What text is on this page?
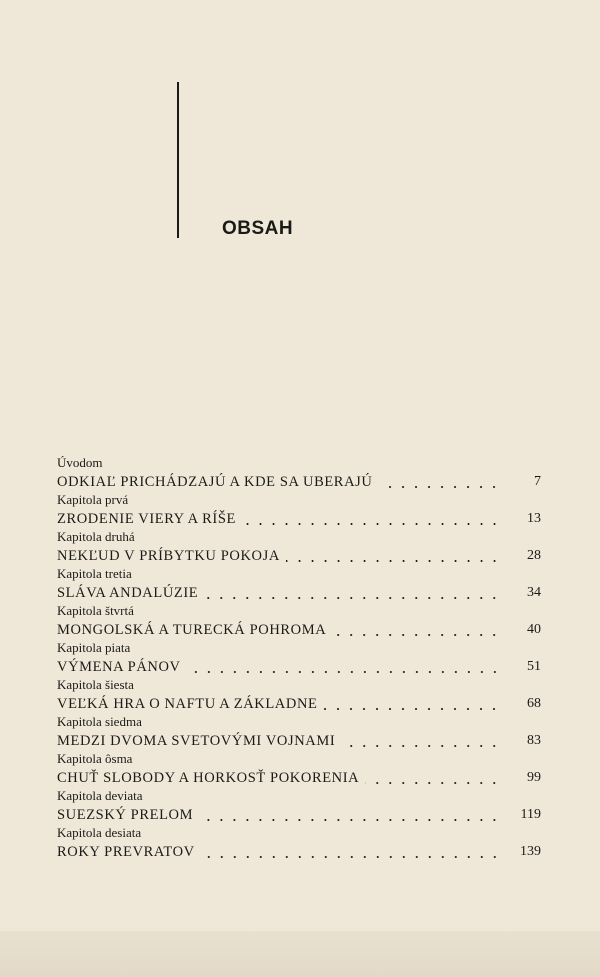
OBSAH
Úvodom
ODKIAĽ PRICHÁDZAJÚ A KDE SA UBERAJÚ	7
Kapitola prvá
ZRODENIE VIERY A RÍŠE	13
Kapitola druhá
NEKĽUD V PRÍBYTKU POKOJA	28
Kapitola tretia
SLÁVA ANDALÚZIE	34
Kapitola štvrtá
MONGOLSKÁ A TURECKÁ POHROMA	40
Kapitola piata
VÝMENA PÁNOV	51
Kapitola šiesta
VEĽKÁ HRA O NAFTU A ZÁKLADNE	68
Kapitola siedma
MEDZI DVOMA SVETOVÝMI VOJNAMI	83
Kapitola ôsma
CHUŤ SLOBODY A HORKOSŤ POKORENIA	99
Kapitola deviata
SUEZSKÝ PRELOM	119
Kapitola desiata
ROKY PREVRATOV	139
